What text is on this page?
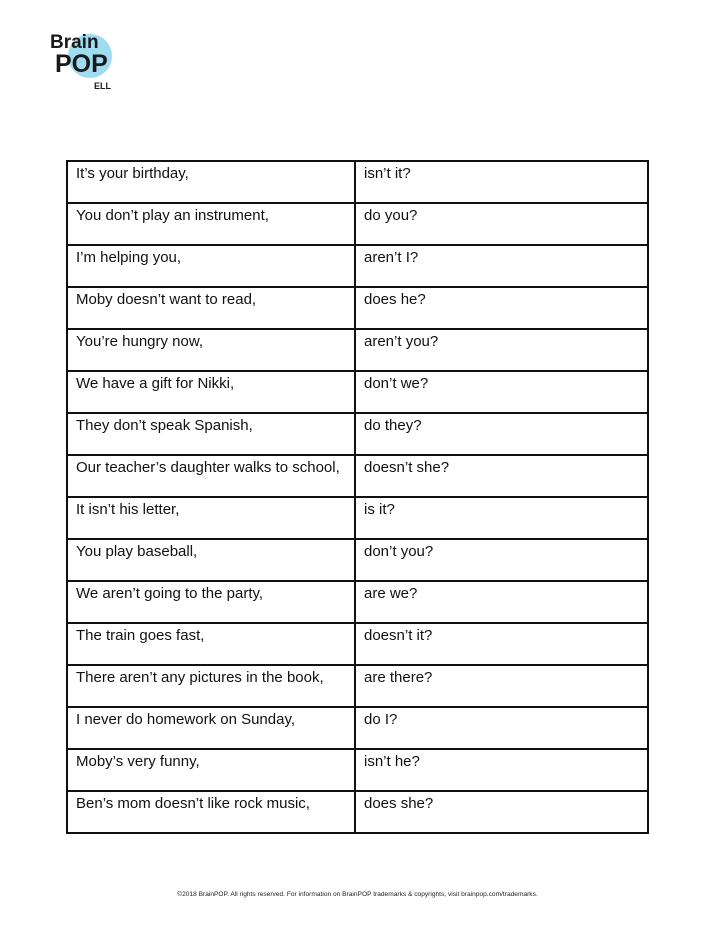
Brain
POP
ELL
It’s your birthday,	isn’t it?
You don’t play an instrument,	do you?
I’m helping you,	aren’t I?
Moby doesn’t want to read,	does he?
You’re hungry now,	aren’t you?
We have a gift for Nikki,	don’t we?
They don’t speak Spanish,	do they?
Our teacher’s daughter walks to school,	doesn’t she?
It isn’t his letter,	is it?
You play baseball,	don’t you?
We aren’t going to the party,	are we?
The train goes fast,	doesn’t it?
There aren’t any pictures in the book,	are there?
I never do homework on Sunday,	do I?
Moby’s very funny,	isn’t he?
Ben’s mom doesn’t like rock music,	does she?
©2018 BrainPOP. All rights reserved. For information on BrainPOP trademarks & copyrights, visit brainpop.com/trademarks.
